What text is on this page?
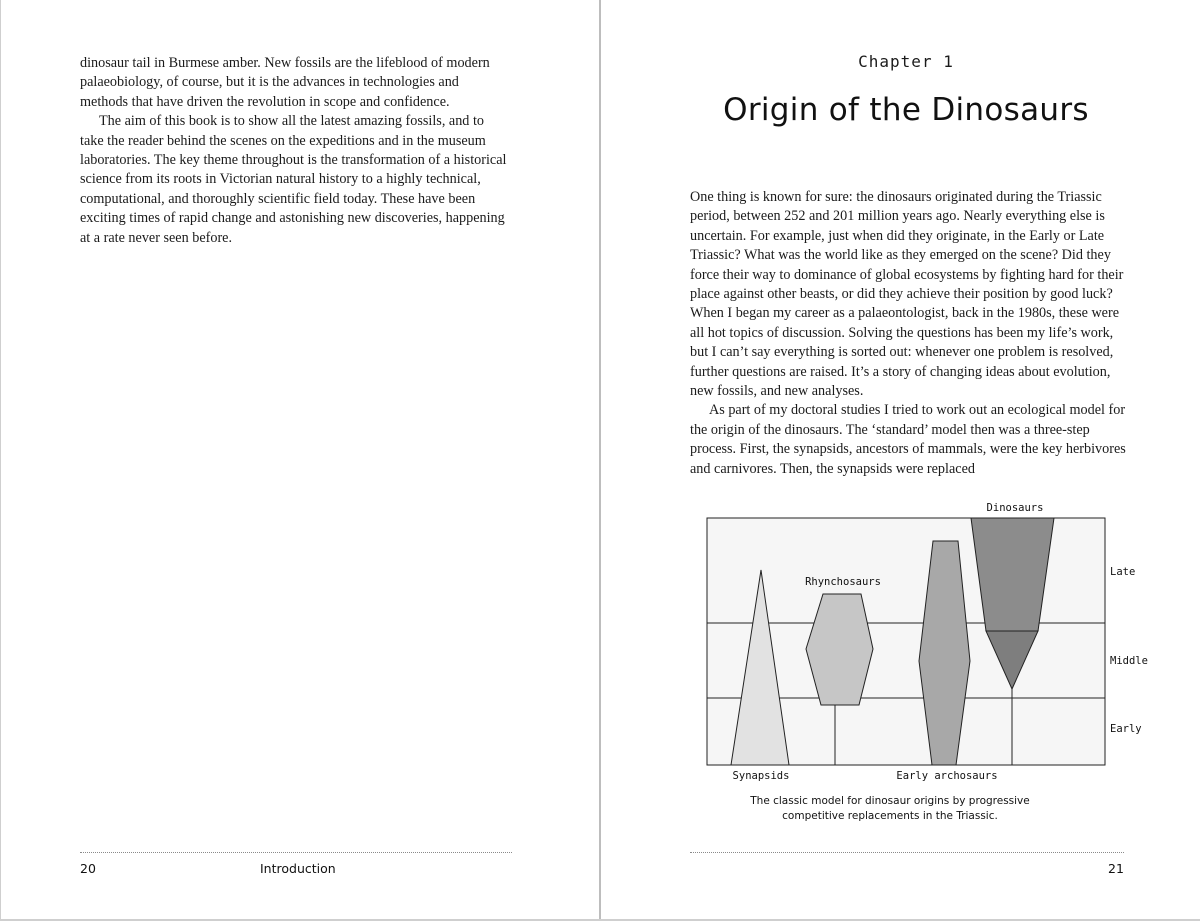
dinosaur tail in Burmese amber. New fossils are the lifeblood of modern palaeobiology, of course, but it is the advances in technologies and methods that have driven the revolution in scope and confidence.

The aim of this book is to show all the latest amazing fossils, and to take the reader behind the scenes on the expeditions and in the museum laboratories. The key theme throughout is the transformation of a historical science from its roots in Victorian natural history to a highly technical, computational, and thoroughly scientific field today. These have been exciting times of rapid change and astonishing new discoveries, happening at a rate never seen before.

20	Introduction
Chapter 1
Origin of the Dinosaurs

One thing is known for sure: the dinosaurs originated during the Triassic period, between 252 and 201 million years ago. Nearly everything else is uncertain. For example, just when did they originate, in the Early or Late Triassic? What was the world like as they emerged on the scene? Did they force their way to dominance of global ecosystems by fighting hard for their place against other beasts, or did they achieve their position by good luck? When I began my career as a palaeontologist, back in the 1980s, these were all hot topics of discussion. Solving the questions has been my life’s work, but I can’t say everything is sorted out: whenever one problem is resolved, further questions are raised. It’s a story of changing ideas about evolution, new fossils, and new analyses.

As part of my doctoral studies I tried to work out an ecological model for the origin of the dinosaurs. The ‘standard’ model then was a three-step process. First, the synapsids, ancestors of mammals, were the key herbivores and carnivores. Then, the synapsids were replaced

21
Dinosaurs
Rhynchosaurs
Synapsids	Early archosaurs
Late
Middle
Early
The classic model for dinosaur origins by progressive
competitive replacements in the Triassic.
